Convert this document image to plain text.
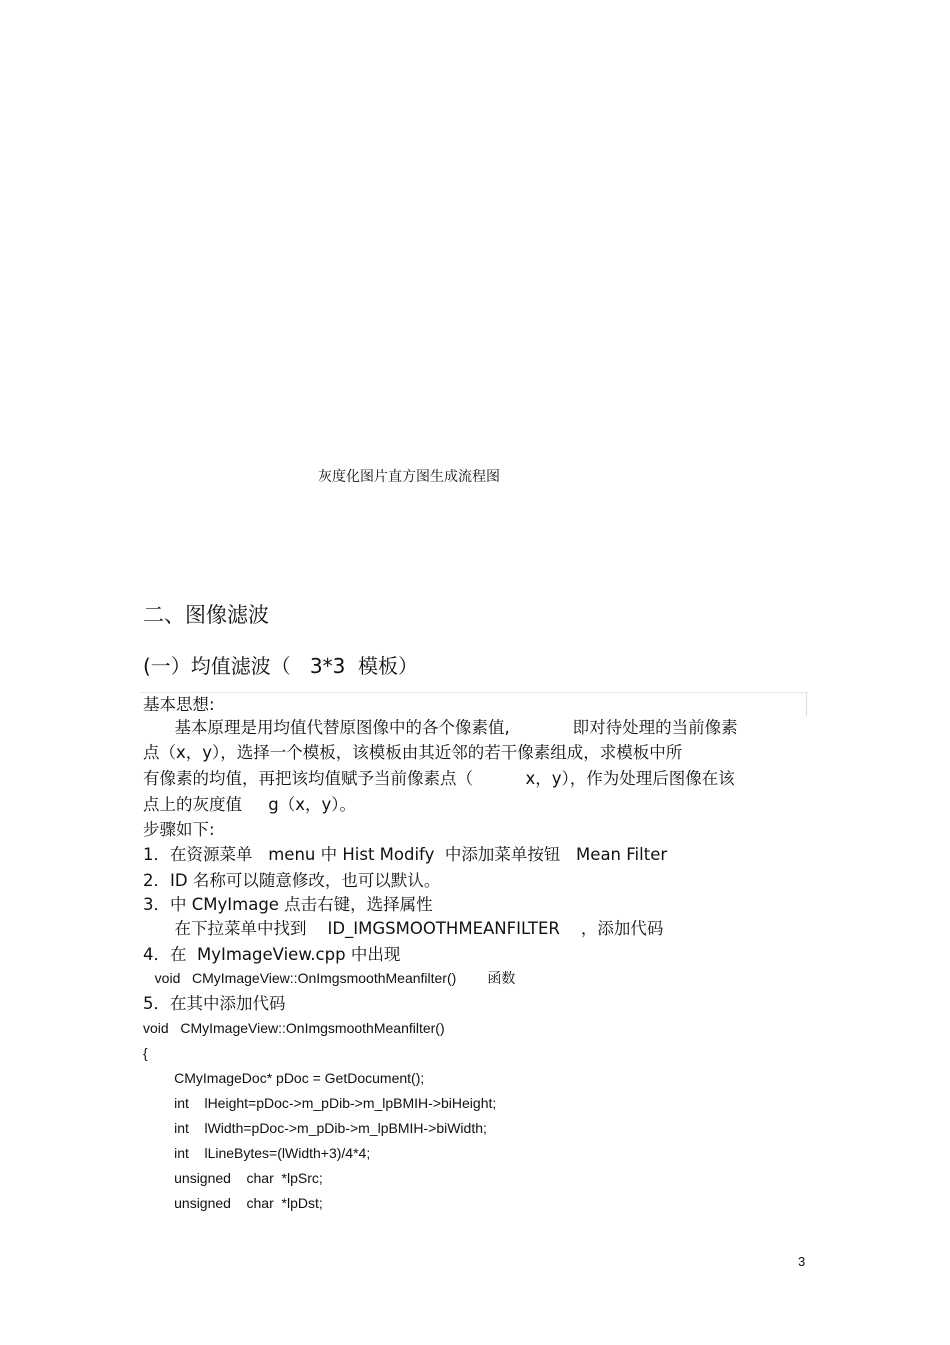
灰度化图片直方图生成流程图
二、图像滤波
(一）均值滤波（   3*3  模板）
基本思想:
基本原理是用均值代替原图像中的各个像素值,            即对待处理的当前像素
点（x，y），选择一个模板，该模板由其近邻的若干像素组成，求模板中所
有像素的均值，再把该均值赋予当前像素点（          x，y），作为处理后图像在该
点上的灰度值     g（x，y）。
步骤如下:
1．在资源菜单   menu 中 Hist Modify  中添加菜单按钮   Mean Filter
2．ID 名称可以随意修改，也可以默认。
3．中 CMyImage 点击右键，选择属性
在下拉菜单中找到    ID_IMGSMOOTHMEANFILTER    ，添加代码
4．在  MyImageView.cpp 中出现
void   CMyImageView::OnImgsmoothMeanfilter()        函数
5．在其中添加代码
void   CMyImageView::OnImgsmoothMeanfilter()
{
CMyImageDoc* pDoc = GetDocument();
int    lHeight=pDoc->m_pDib->m_lpBMIH->biHeight;
int    lWidth=pDoc->m_pDib->m_lpBMIH->biWidth;
int    lLineBytes=(lWidth+3)/4*4;
unsigned    char  *lpSrc;
unsigned    char  *lpDst;
3
